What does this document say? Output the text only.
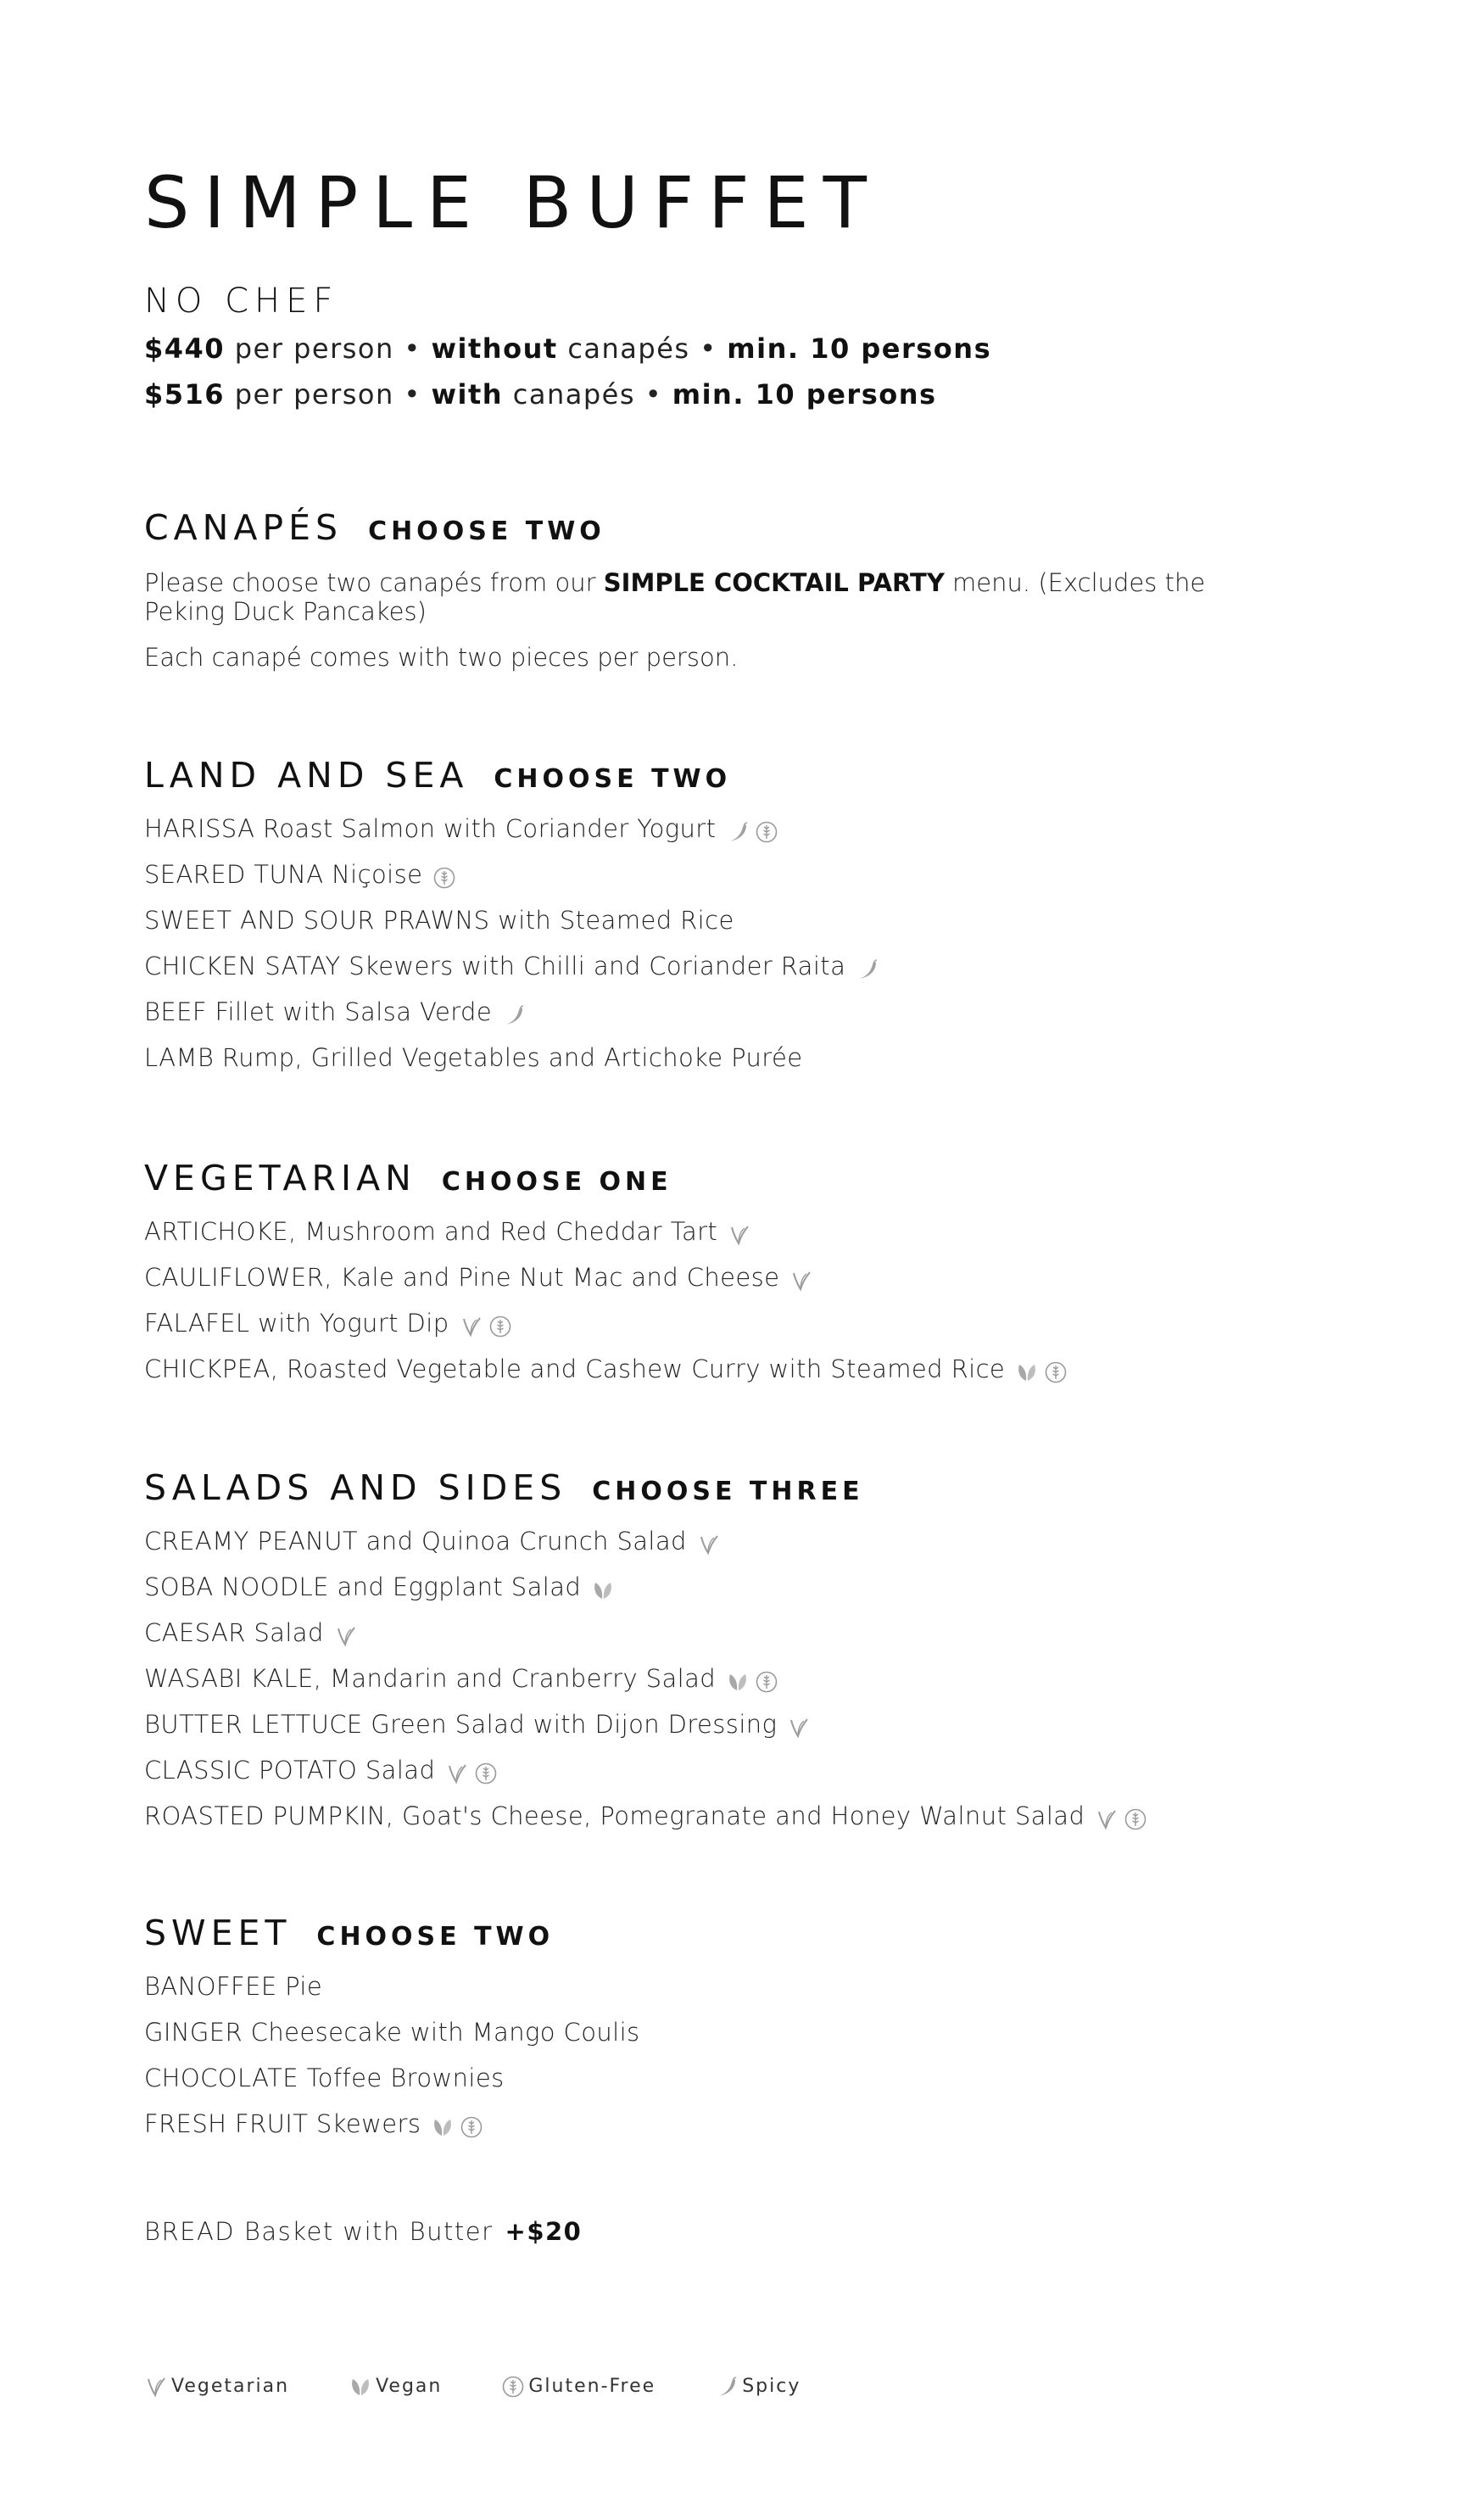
SIMPLE BUFFET
NO CHEF
$440 per person • without canapés • min. 10 persons
$516 per person • with canapés • min. 10 persons
CANAPÉS CHOOSE TWO

Please choose two canapés from our SIMPLE COCKTAIL PARTY menu. (Excludes the Peking Duck Pancakes)

Each canapé comes with two pieces per person.

LAND AND SEA CHOOSE TWO
HARISSA Roast Salmon with Coriander Yogurt
SEARED TUNA Niçoise
SWEET AND SOUR PRAWNS with Steamed Rice
CHICKEN SATAY Skewers with Chilli and Coriander Raita
BEEF Fillet with Salsa Verde
LAMB Rump, Grilled Vegetables and Artichoke Purée
VEGETARIAN CHOOSE ONE
ARTICHOKE, Mushroom and Red Cheddar Tart
CAULIFLOWER, Kale and Pine Nut Mac and Cheese
FALAFEL with Yogurt Dip
CHICKPEA, Roasted Vegetable and Cashew Curry with Steamed Rice
SALADS AND SIDES CHOOSE THREE
CREAMY PEANUT and Quinoa Crunch Salad
SOBA NOODLE and Eggplant Salad
CAESAR Salad
WASABI KALE, Mandarin and Cranberry Salad
BUTTER LETTUCE Green Salad with Dijon Dressing
CLASSIC POTATO Salad
ROASTED PUMPKIN, Goat's Cheese, Pomegranate and Honey Walnut Salad
SWEET CHOOSE TWO
BANOFFEE Pie
GINGER Cheesecake with Mango Coulis
CHOCOLATE Toffee Brownies
FRESH FRUIT Skewers
BREAD Basket with Butter +$20
Vegetarian	Vegan	Gluten-Free	Spicy
